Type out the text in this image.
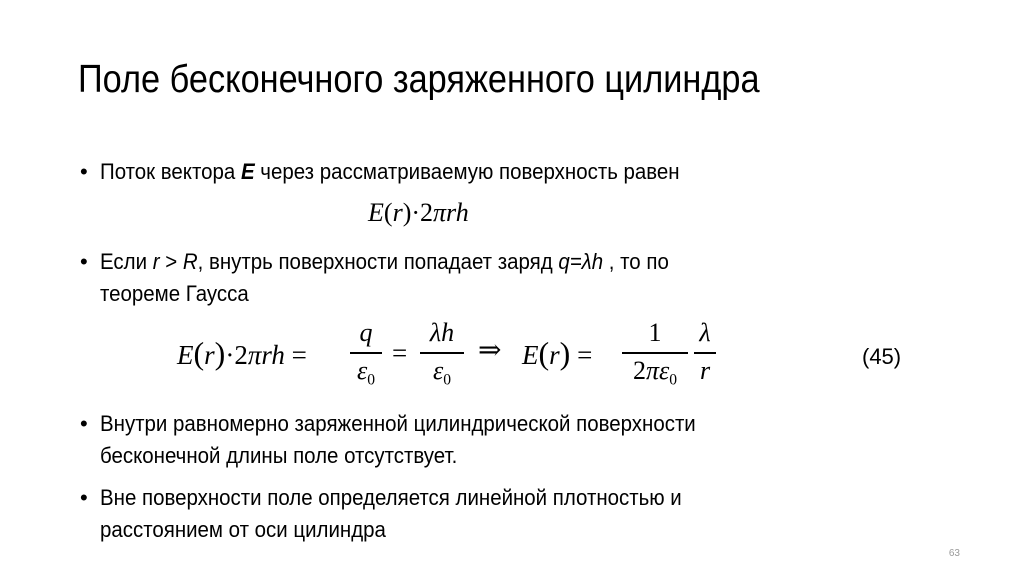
Поле бесконечного заряженного цилиндра
• Поток вектора E через рассматриваемую поверхность равен
E(r)·2πrh
• Если r > R, внутрь поверхности попадает заряд q=λh , то по
теореме Гаусса
E(r)·2πrh =
q
$\varepsilon_0$
=
λh
$\varepsilon_0$
⇒ E(r) =
1
$2\pi\varepsilon_0$
λ
r	(45)
• Внутри равномерно заряженной цилиндрической поверхности
бесконечной длины поле отсутствует.
• Вне поверхности поле определяется линейной плотностью и
расстоянием от оси цилиндра
63
